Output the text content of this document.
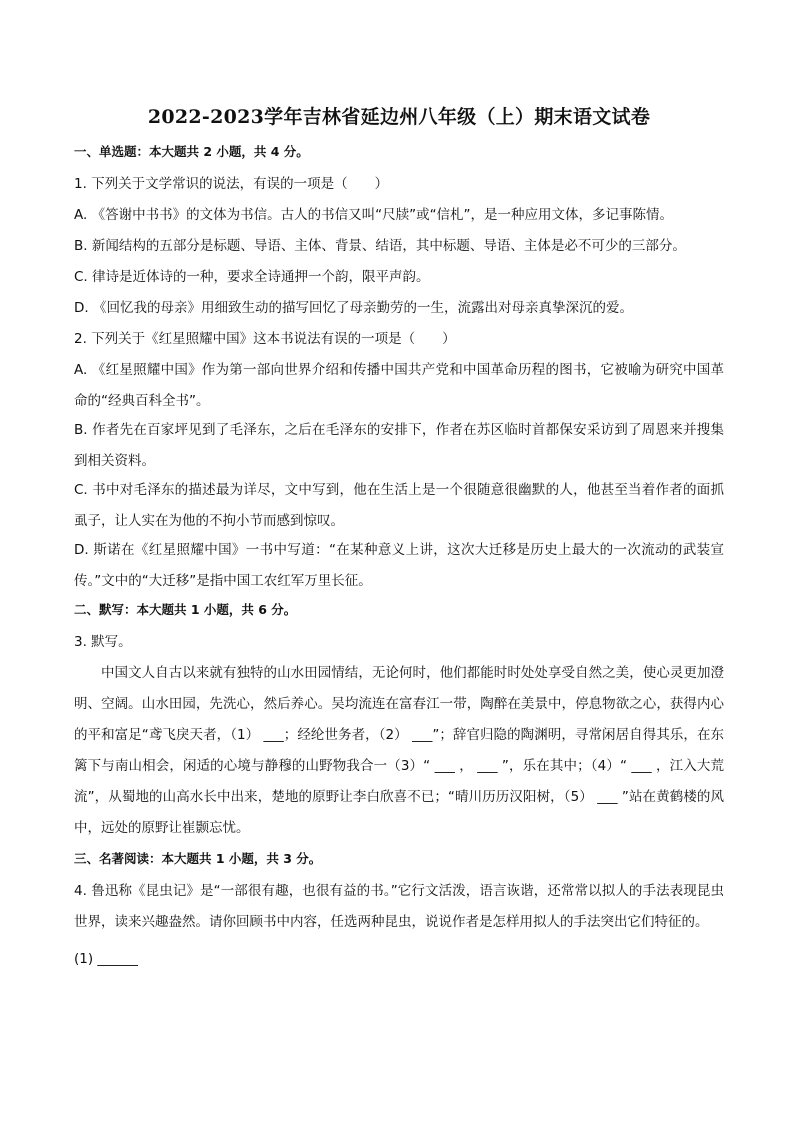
2022-2023学年吉林省延边州八年级（上）期末语文试卷
一、单选题：本大题共 2 小题，共 4 分。
1. 下列关于文学常识的说法，有误的一项是（　　）
A. 《答谢中书书》的文体为书信。古人的书信又叫“尺牍”或“信札”，是一种应用文体，多记事陈情。
B. 新闻结构的五部分是标题、导语、主体、背景、结语，其中标题、导语、主体是必不可少的三部分。
C. 律诗是近体诗的一种，要求全诗通押一个韵，限平声韵。
D. 《回忆我的母亲》用细致生动的描写回忆了母亲勤劳的一生，流露出对母亲真挚深沉的爱。
2. 下列关于《红星照耀中国》这本书说法有误的一项是（　　）
A. 《红星照耀中国》作为第一部向世界介绍和传播中国共产党和中国革命历程的图书，它被喻为研究中国革命的“经典百科全书”。
B. 作者先在百家坪见到了毛泽东，之后在毛泽东的安排下，作者在苏区临时首都保安采访到了周恩来并搜集到相关资料。
C. 书中对毛泽东的描述最为详尽，文中写到，他在生活上是一个很随意很幽默的人，他甚至当着作者的面抓虱子，让人实在为他的不拘小节而感到惊叹。
D. 斯诺在《红星照耀中国》一书中写道：“在某种意义上讲，这次大迁移是历史上最大的一次流动的武装宣传。”文中的“大迁移”是指中国工农红军万里长征。
二、默写：本大题共 1 小题，共 6 分。
3. 默写。
中国文人自古以来就有独特的山水田园情结，无论何时，他们都能时时处处享受自然之美，使心灵更加澄明、空阔。山水田园，先洗心，然后养心。吴均流连在富春江一带，陶醉在美景中，停息物欲之心，获得内心的平和富足“鸢飞戾天者，（1） ___；经纶世务者，（2） ___”；辞官归隐的陶渊明，寻常闲居自得其乐，在东篱下与南山相会，闲适的心境与静穆的山野物我合一（3）“ ___ ， ___ ”，乐在其中；（4）“ ___ ，江入大荒流”，从蜀地的山高水长中出来，楚地的原野让李白欣喜不已；“晴川历历汉阳树，（5） ___ ”站在黄鹤楼的风中，远处的原野让崔颢忘忧。
三、名著阅读：本大题共 1 小题，共 3 分。
4. 鲁迅称《昆虫记》是“一部很有趣，也很有益的书。”它行文活泼，语言诙谐，还常常以拟人的手法表现昆虫世界，读来兴趣盎然。请你回顾书中内容，任选两种昆虫，说说作者是怎样用拟人的手法突出它们特征的。
(1) ______
